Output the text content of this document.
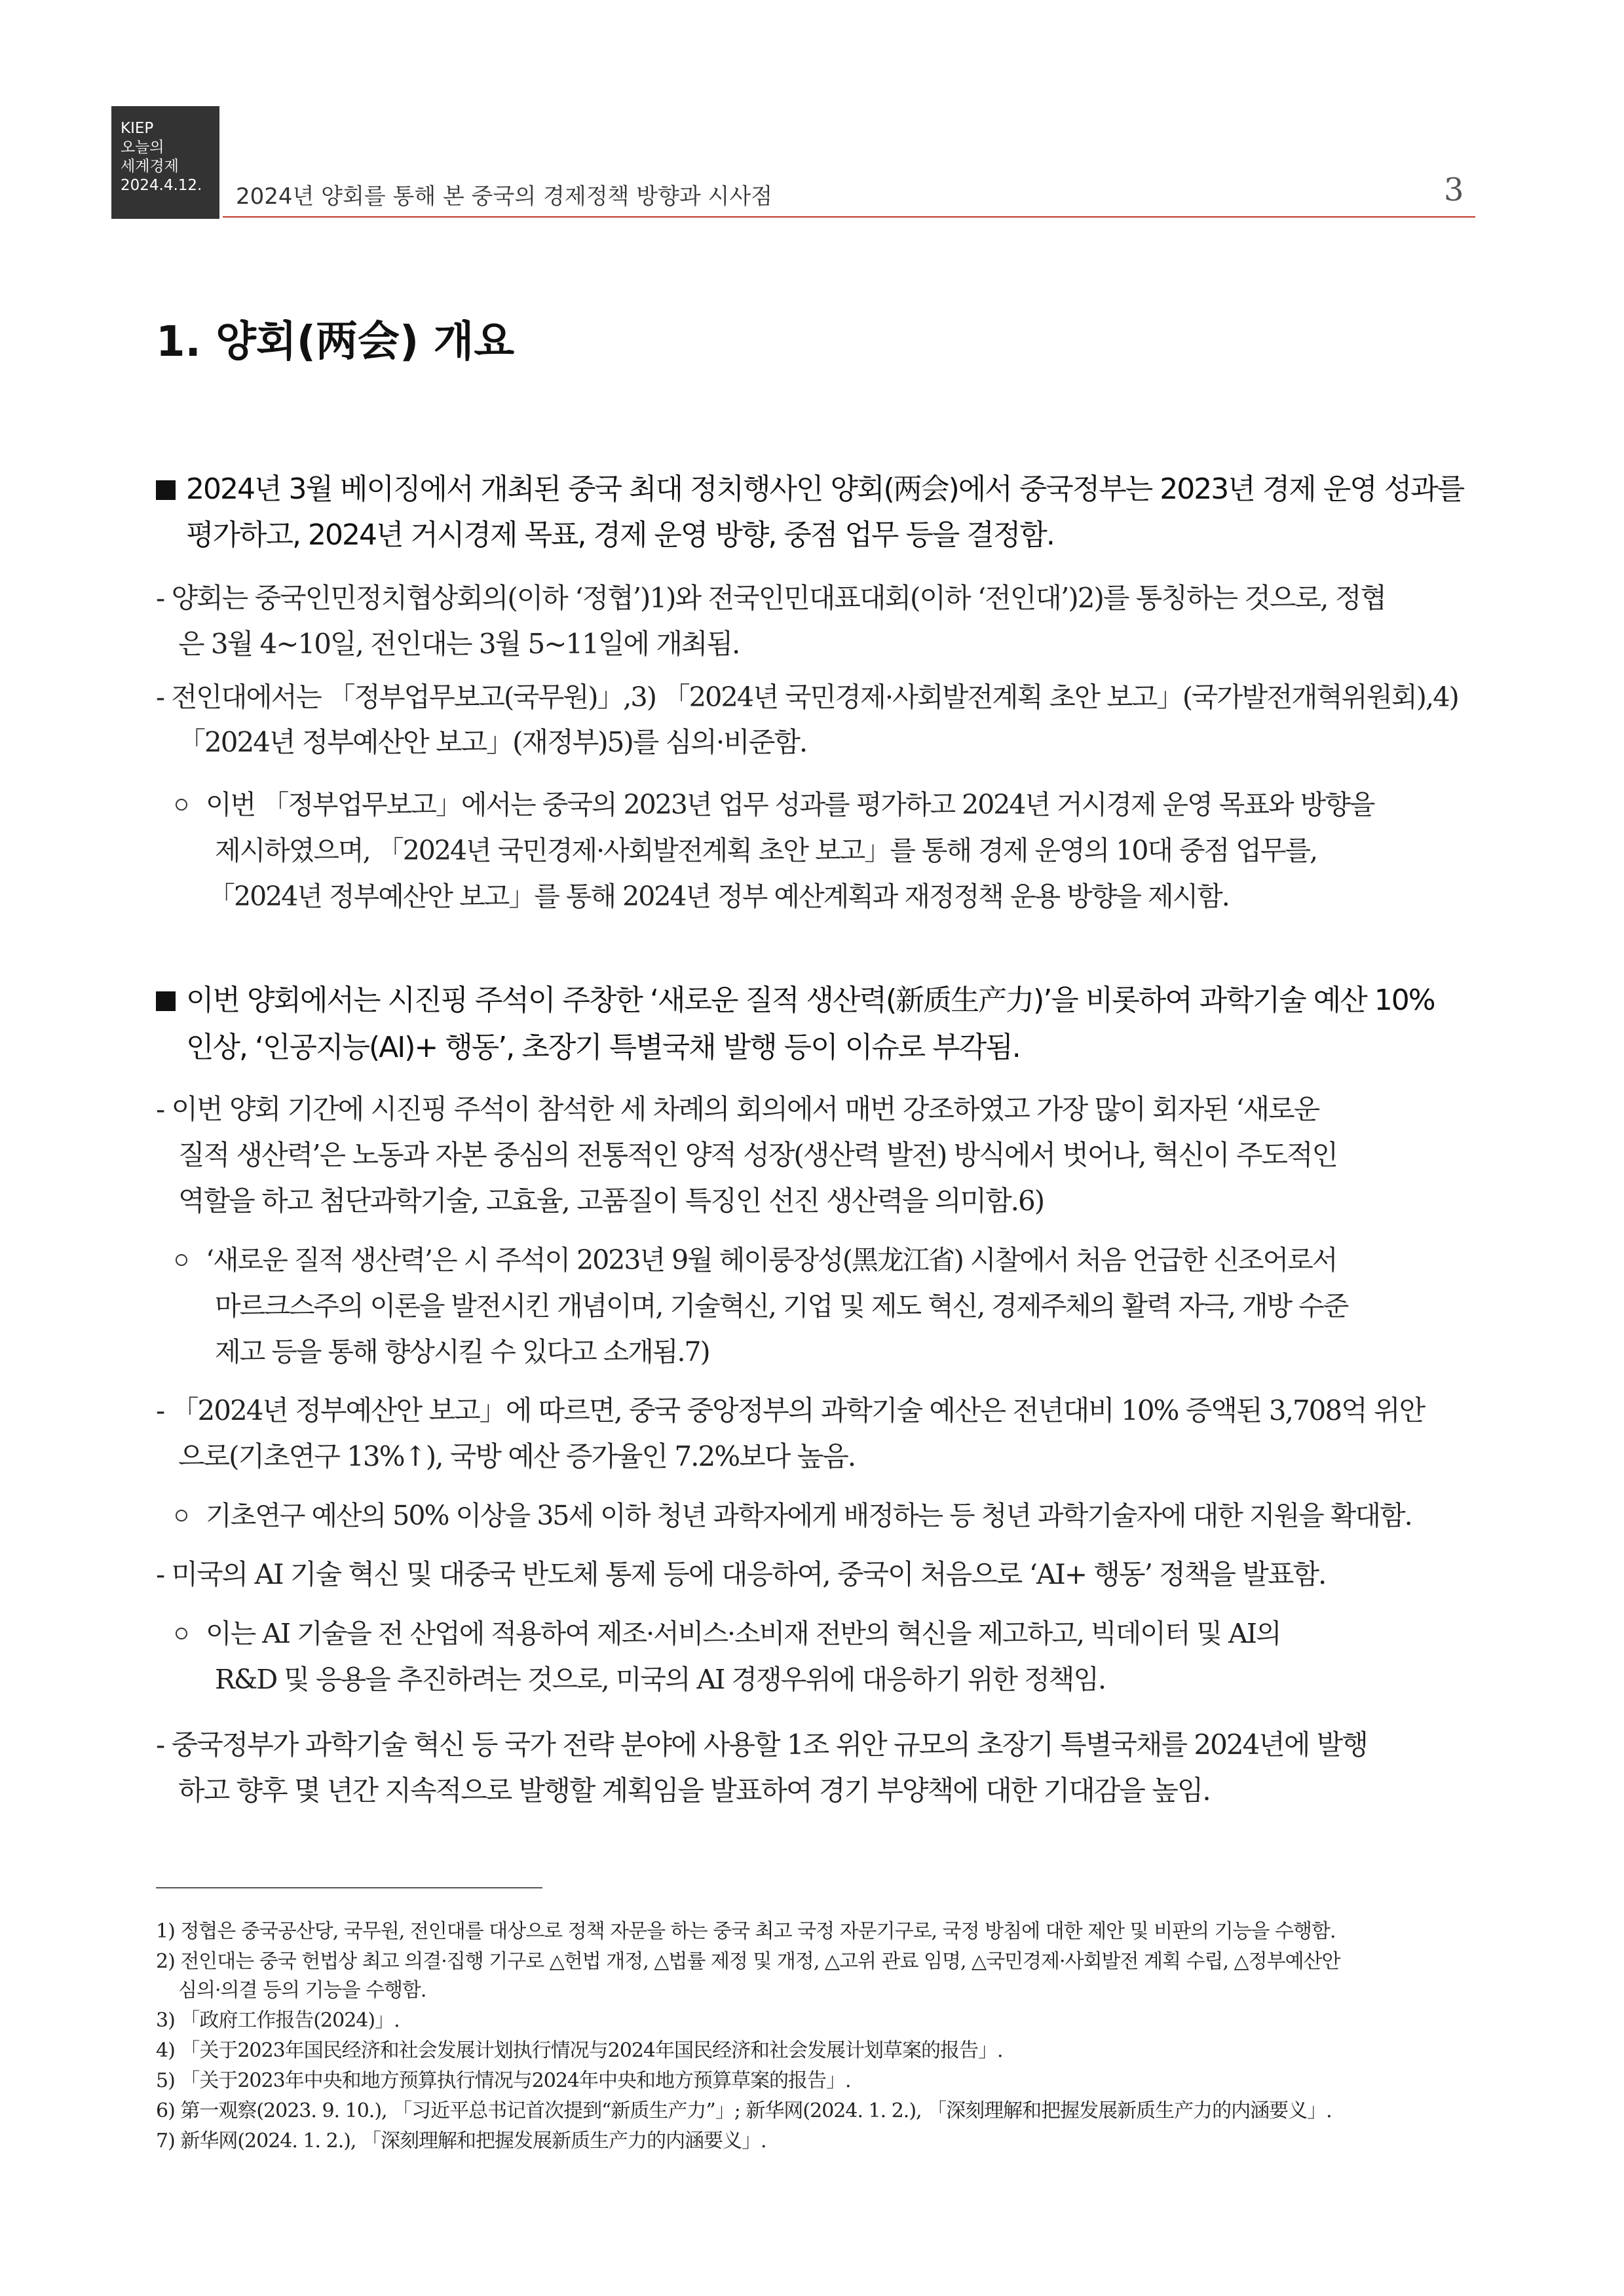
KIEP
오늘의
세계경제
2024.4.12.	2024년 양회를 통해 본 중국의 경제정책 방향과 시사점	3
1. 양회(两会) 개요
2024년 3월 베이징에서 개최된 중국 최대 정치행사인 양회(两会)에서 중국정부는 2023년 경제 운영 성과를
평가하고, 2024년 거시경제 목표, 경제 운영 방향, 중점 업무 등을 결정함.
- 양회는 중국인민정치협상회의(이하 ‘정협’)1)와 전국인민대표대회(이하 ‘전인대’)2)를 통칭하는 것으로, 정협
은 3월 4~10일, 전인대는 3월 5~11일에 개최됨.
- 전인대에서는 「정부업무보고(국무원)」,3) 「2024년 국민경제·사회발전계획 초안 보고」(국가발전개혁위원회),4)
「2024년 정부예산안 보고」(재정부)5)를 심의·비준함.
이번 「정부업무보고」에서는 중국의 2023년 업무 성과를 평가하고 2024년 거시경제 운영 목표와 방향을
제시하였으며, 「2024년 국민경제·사회발전계획 초안 보고」를 통해 경제 운영의 10대 중점 업무를,
「2024년 정부예산안 보고」를 통해 2024년 정부 예산계획과 재정정책 운용 방향을 제시함.
이번 양회에서는 시진핑 주석이 주창한 ‘새로운 질적 생산력(新质生产力)’을 비롯하여 과학기술 예산 10%
인상, ‘인공지능(AI)+ 행동’, 초장기 특별국채 발행 등이 이슈로 부각됨.
- 이번 양회 기간에 시진핑 주석이 참석한 세 차례의 회의에서 매번 강조하였고 가장 많이 회자된 ‘새로운
질적 생산력’은 노동과 자본 중심의 전통적인 양적 성장(생산력 발전) 방식에서 벗어나, 혁신이 주도적인
역할을 하고 첨단과학기술, 고효율, 고품질이 특징인 선진 생산력을 의미함.6)
‘새로운 질적 생산력’은 시 주석이 2023년 9월 헤이룽장성(黑龙江省) 시찰에서 처음 언급한 신조어로서
마르크스주의 이론을 발전시킨 개념이며, 기술혁신, 기업 및 제도 혁신, 경제주체의 활력 자극, 개방 수준
제고 등을 통해 향상시킬 수 있다고 소개됨.7)
- 「2024년 정부예산안 보고」에 따르면, 중국 중앙정부의 과학기술 예산은 전년대비 10% 증액된 3,708억 위안
으로(기초연구 13%↑), 국방 예산 증가율인 7.2%보다 높음.
기초연구 예산의 50% 이상을 35세 이하 청년 과학자에게 배정하는 등 청년 과학기술자에 대한 지원을 확대함.
- 미국의 AI 기술 혁신 및 대중국 반도체 통제 등에 대응하여, 중국이 처음으로 ‘AI+ 행동’ 정책을 발표함.
이는 AI 기술을 전 산업에 적용하여 제조·서비스·소비재 전반의 혁신을 제고하고, 빅데이터 및 AI의
R&D 및 응용을 추진하려는 것으로, 미국의 AI 경쟁우위에 대응하기 위한 정책임.
- 중국정부가 과학기술 혁신 등 국가 전략 분야에 사용할 1조 위안 규모의 초장기 특별국채를 2024년에 발행
하고 향후 몇 년간 지속적으로 발행할 계획임을 발표하여 경기 부양책에 대한 기대감을 높임.
1) 정협은 중국공산당, 국무원, 전인대를 대상으로 정책 자문을 하는 중국 최고 국정 자문기구로, 국정 방침에 대한 제안 및 비판의 기능을 수행함.
2) 전인대는 중국 헌법상 최고 의결·집행 기구로 △헌법 개정, △법률 제정 및 개정, △고위 관료 임명, △국민경제·사회발전 계획 수립, △정부예산안
심의·의결 등의 기능을 수행함.
3) 「政府工作报告(2024)」.
4) 「关于2023年国民经济和社会发展计划执行情况与2024年国民经济和社会发展计划草案的报告」.
5) 「关于2023年中央和地方预算执行情况与2024年中央和地方预算草案的报告」.
6) 第一观察(2023. 9. 10.), 「习近平总书记首次提到“新质生产力”」; 新华网(2024. 1. 2.), 「深刻理解和把握发展新质生产力的内涵要义」.
7) 新华网(2024. 1. 2.), 「深刻理解和把握发展新质生产力的内涵要义」.
